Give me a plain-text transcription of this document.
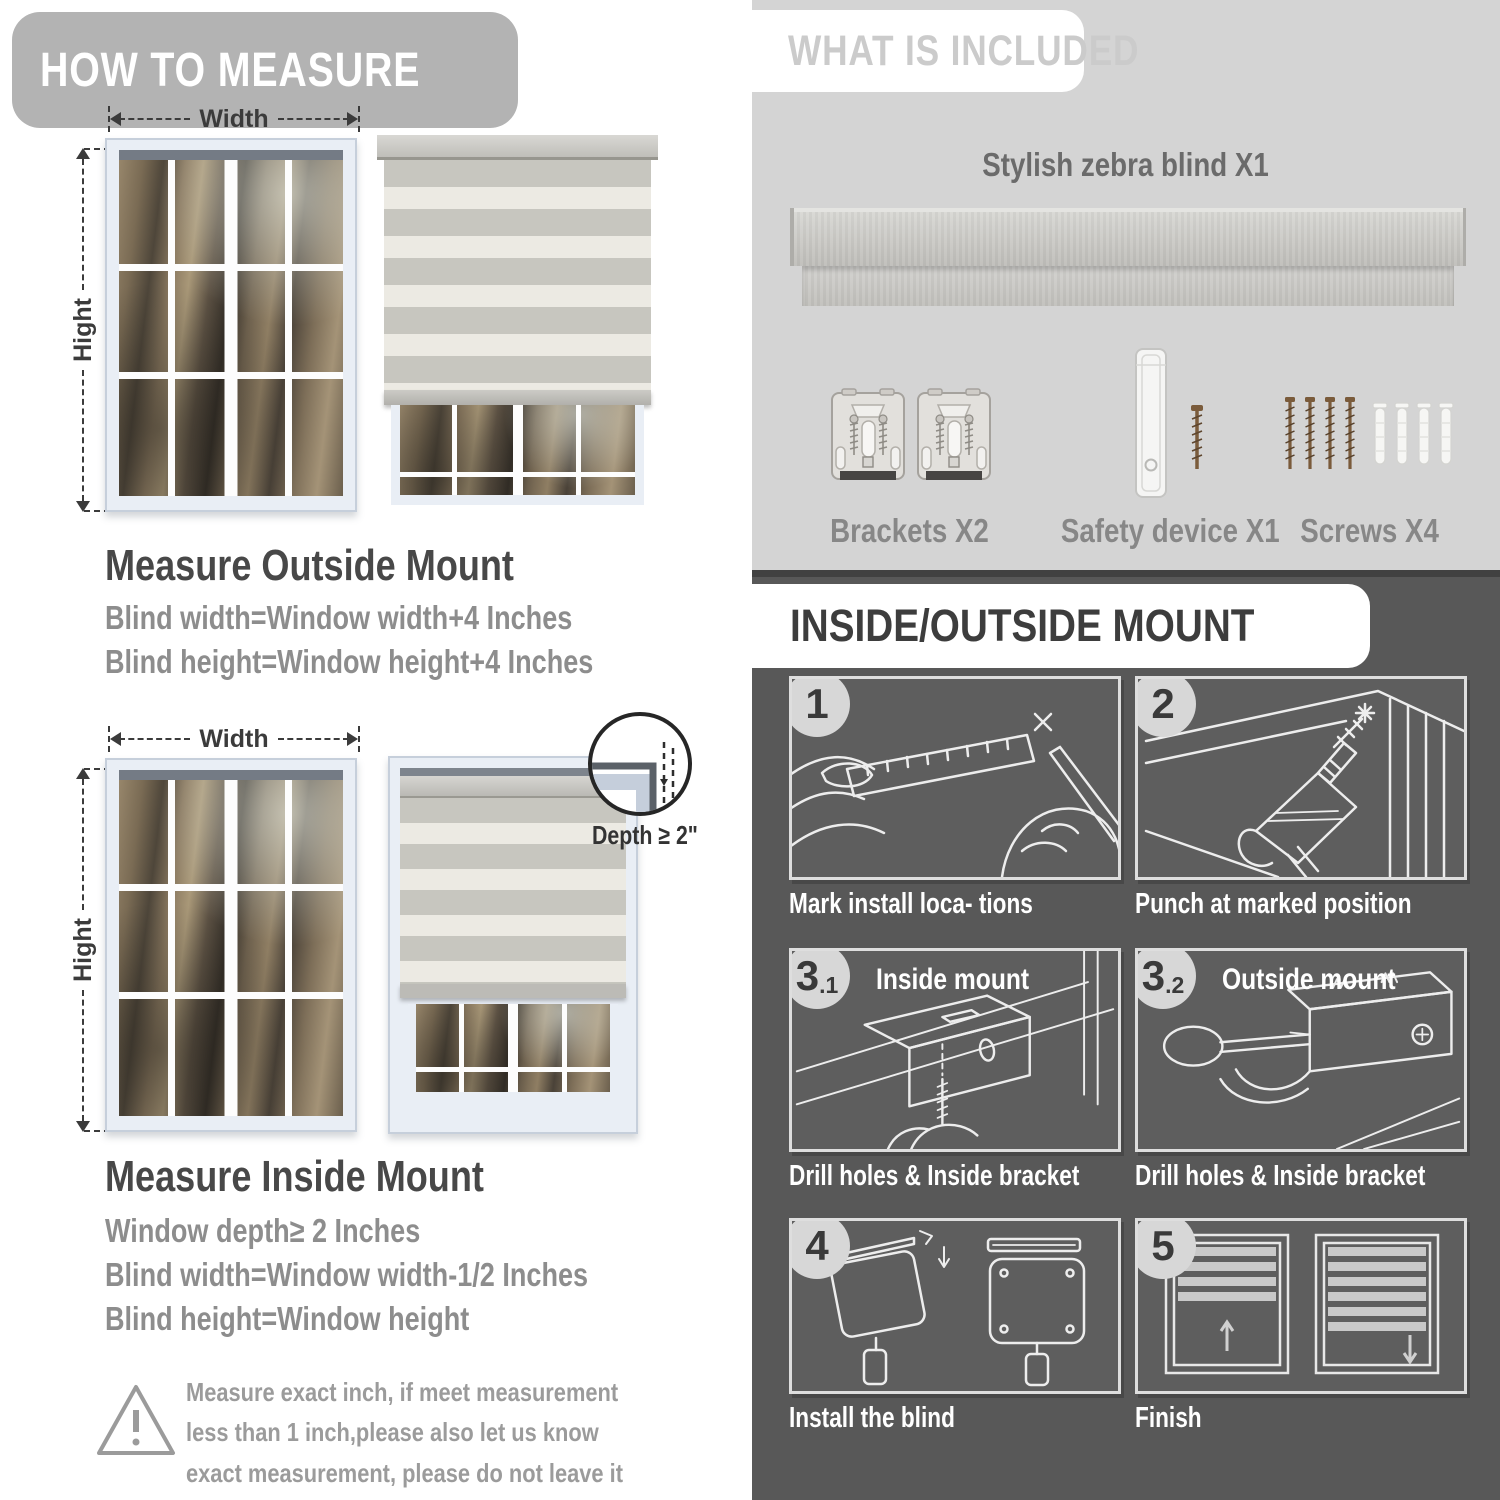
HOW TO MEASURE
Width
Hight
Measure Outside Mount

Blind width=Window width+4 Inches

Blind height=Window height+4 Inches

Width
Hight
Depth ≥ 2"
Measure Inside Mount

Window depth≥ 2 Inches

Blind width=Window width-1/2 Inches

Blind height=Window height

Measure exact inch, if meet measurement less than 1 inch,please also let us know exact measurement, please do not leave it

WHAT IS INCLUDED
Stylish zebra blind X1
Brackets X2	Safety device X1 Screws X4
INSIDE/OUTSIDE MOUNT
1
Mark install loca- tions
2
Punch at marked position
3 .1 Inside mount
Drill holes & Inside bracket
3 .2 Outside mount
Drill holes & Inside bracket
4
Install the blind
5
Finish
